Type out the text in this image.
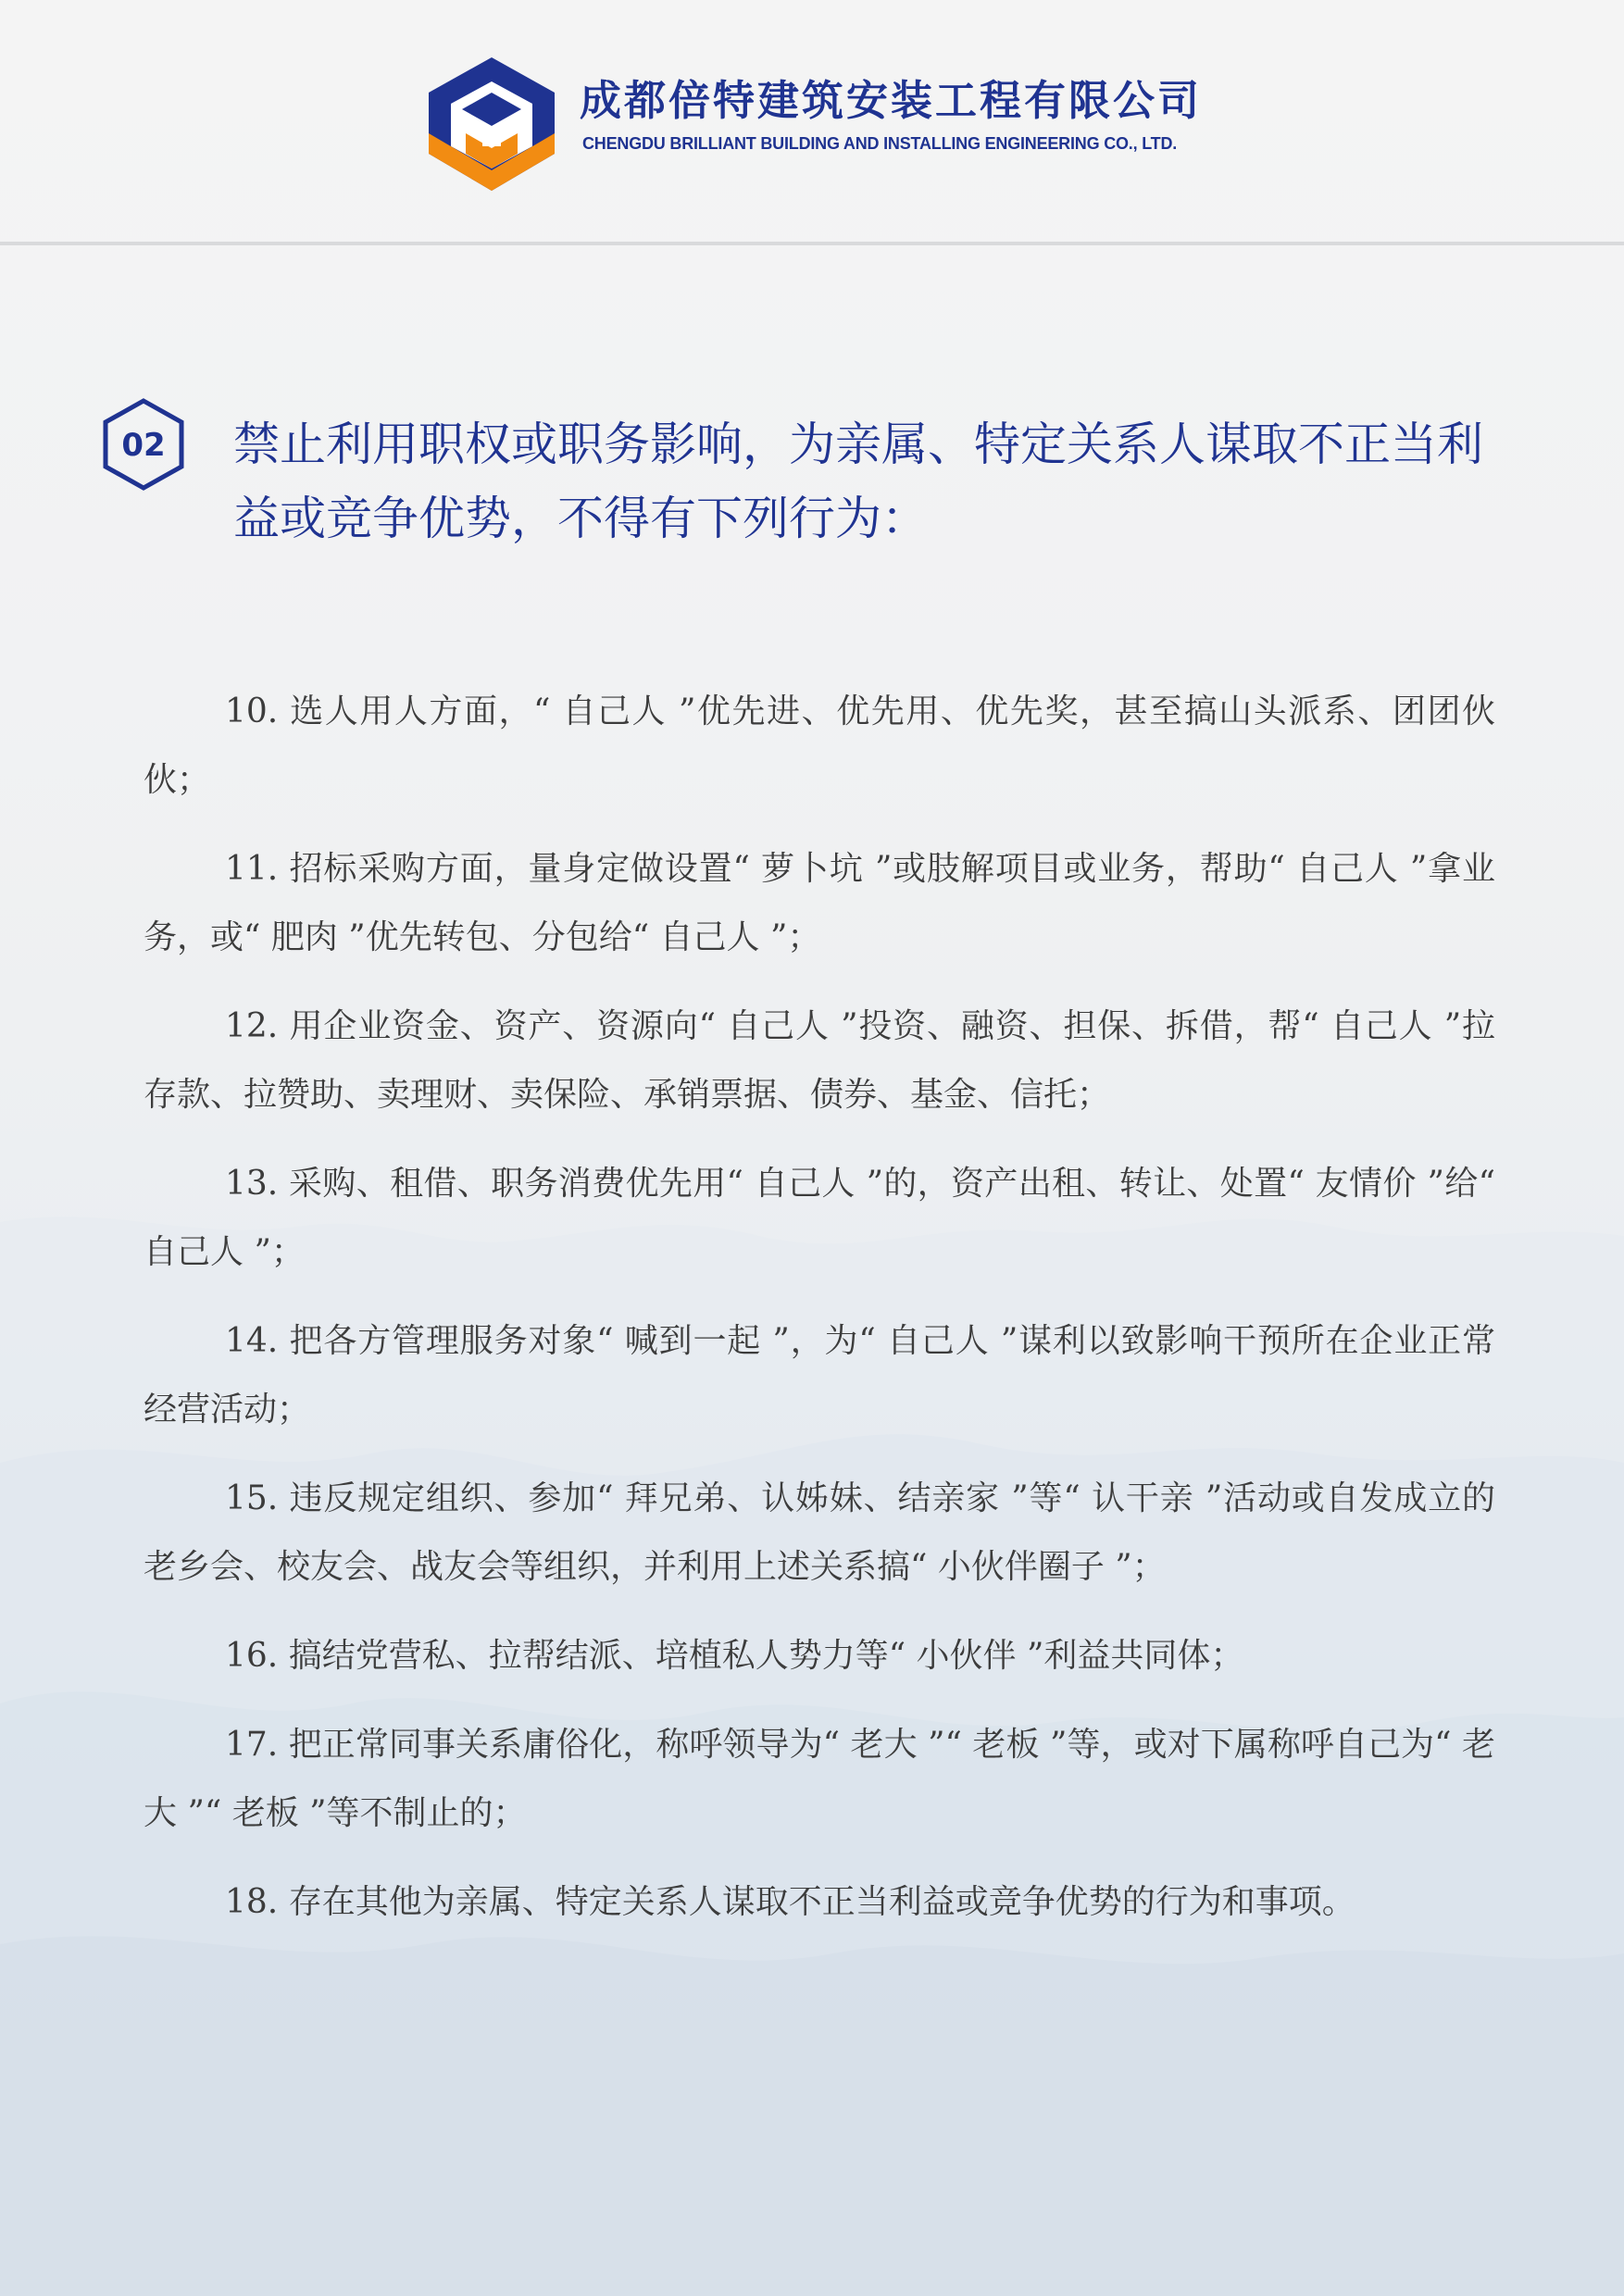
成都倍特建筑安装工程有限公司
CHENGDU BRILLIANT BUILDING AND INSTALLING ENGINEERING CO., LTD.
02 禁止利用职权或职务影响，为亲属、特定关系人谋取不正当利益或竞争优势，不得有下列行为：
10. 选人用人方面，“ 自己人 ”优先进、优先用、优先奖，甚至搞山头派系、团团伙伙；
11. 招标采购方面，量身定做设置“ 萝卜坑 ”或肢解项目或业务，帮助“ 自己人 ”拿业务，或“ 肥肉 ”优先转包、分包给“ 自己人 ”；
12. 用企业资金、资产、资源向“ 自己人 ”投资、融资、担保、拆借，帮“ 自己人 ”拉存款、拉赞助、卖理财、卖保险、承销票据、债券、基金、信托；
13. 采购、租借、职务消费优先用“ 自己人 ”的，资产出租、转让、处置“ 友情价 ”给“ 自己人 ”；
14. 把各方管理服务对象“ 喊到一起 ”，为“ 自己人 ”谋利以致影响干预所在企业正常经营活动；
15. 违反规定组织、参加“ 拜兄弟、认姊妹、结亲家 ”等“ 认干亲 ”活动或自发成立的老乡会、校友会、战友会等组织，并利用上述关系搞“ 小伙伴圈子 ”；
16. 搞结党营私、拉帮结派、培植私人势力等“ 小伙伴 ”利益共同体；
17. 把正常同事关系庸俗化，称呼领导为“ 老大 ”“ 老板 ”等，或对下属称呼自己为“ 老大 ”“ 老板 ”等不制止的；
18. 存在其他为亲属、特定关系人谋取不正当利益或竞争优势的行为和事项。
